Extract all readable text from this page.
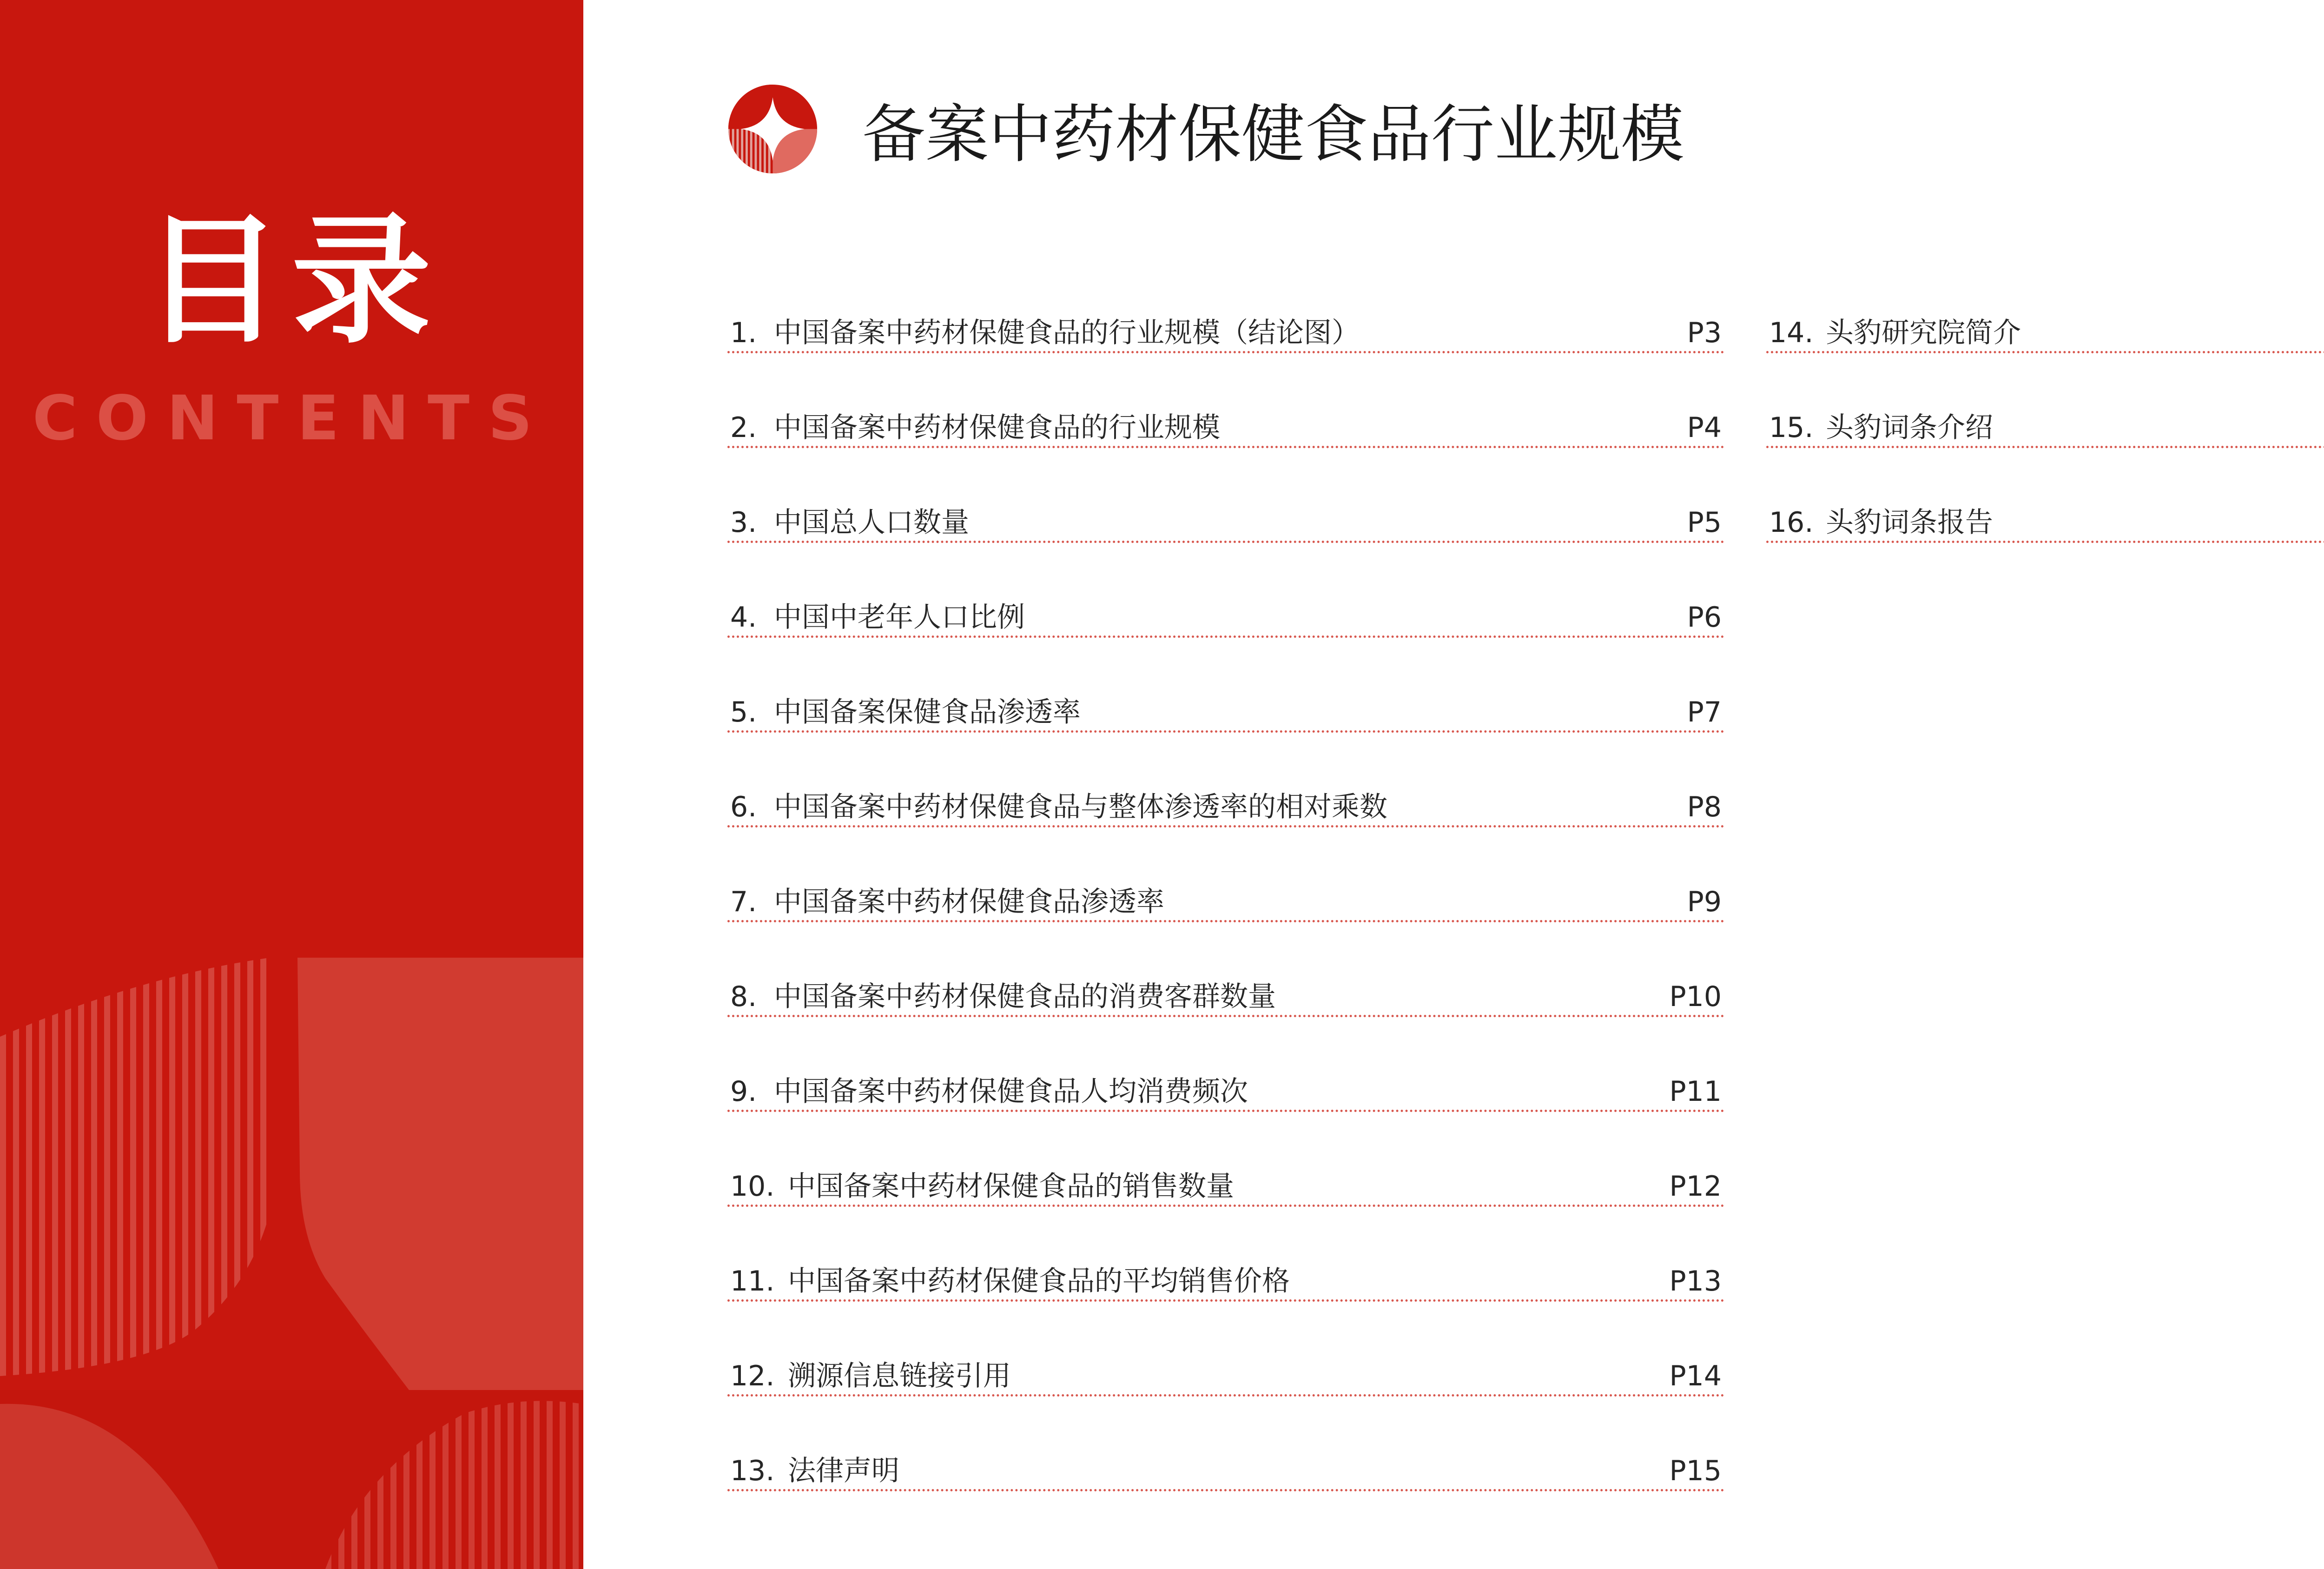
目录
CONTENTS
备案中药材保健食品行业规模
1. 中国备案中药材保健食品的行业规模（结论图）	P3
2. 中国备案中药材保健食品的行业规模	P4
3. 中国总人口数量	P5
4. 中国中老年人口比例	P6
5. 中国备案保健食品渗透率	P7
6. 中国备案中药材保健食品与整体渗透率的相对乘数	P8
7. 中国备案中药材保健食品渗透率	P9
8. 中国备案中药材保健食品的消费客群数量	P10
9. 中国备案中药材保健食品人均消费频次	P11
10. 中国备案中药材保健食品的销售数量	P12
11. 中国备案中药材保健食品的平均销售价格	P13
12. 溯源信息链接引用	P14
13. 法律声明	P15
14. 头豹研究院简介
15. 头豹词条介绍
16. 头豹词条报告
